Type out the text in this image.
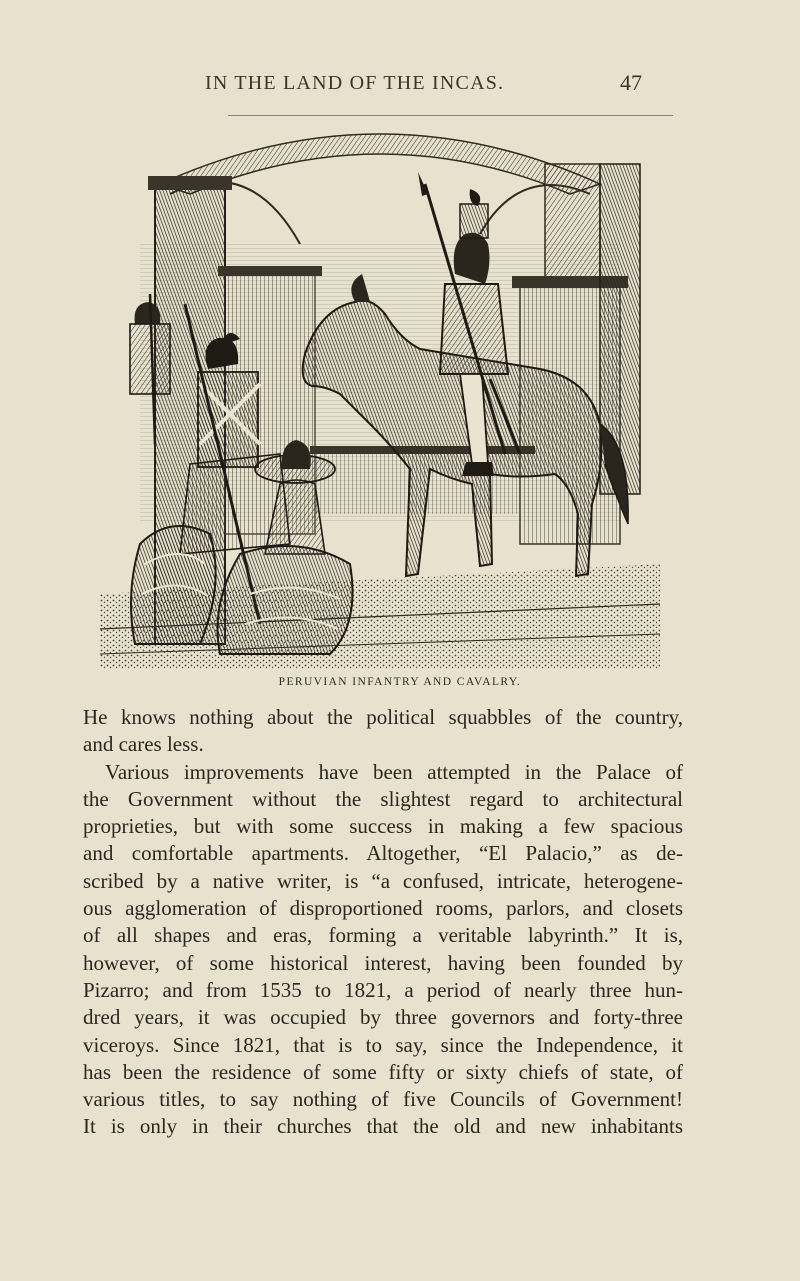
IN THE LAND OF THE INCAS.	47
PERUVIAN INFANTRY AND CAVALRY.

He knows nothing about the political squabbles of the country,
and cares less.

Various improvements have been attempted in the Palace of
the Government without the slightest regard to architectural
proprieties, but with some success in making a few spacious
and comfortable apartments. Altogether, “El Palacio,” as de-
scribed by a native writer, is “a confused, intricate, heterogene-
ous agglomeration of disproportioned rooms, parlors, and closets
of all shapes and eras, forming a veritable labyrinth.” It is,
however, of some historical interest, having been founded by
Pizarro; and from 1535 to 1821, a period of nearly three hun-
dred years, it was occupied by three governors and forty-three
viceroys. Since 1821, that is to say, since the Independence, it
has been the residence of some fifty or sixty chiefs of state, of
various titles, to say nothing of five Councils of Government!
It is only in their churches that the old and new inhabitants
